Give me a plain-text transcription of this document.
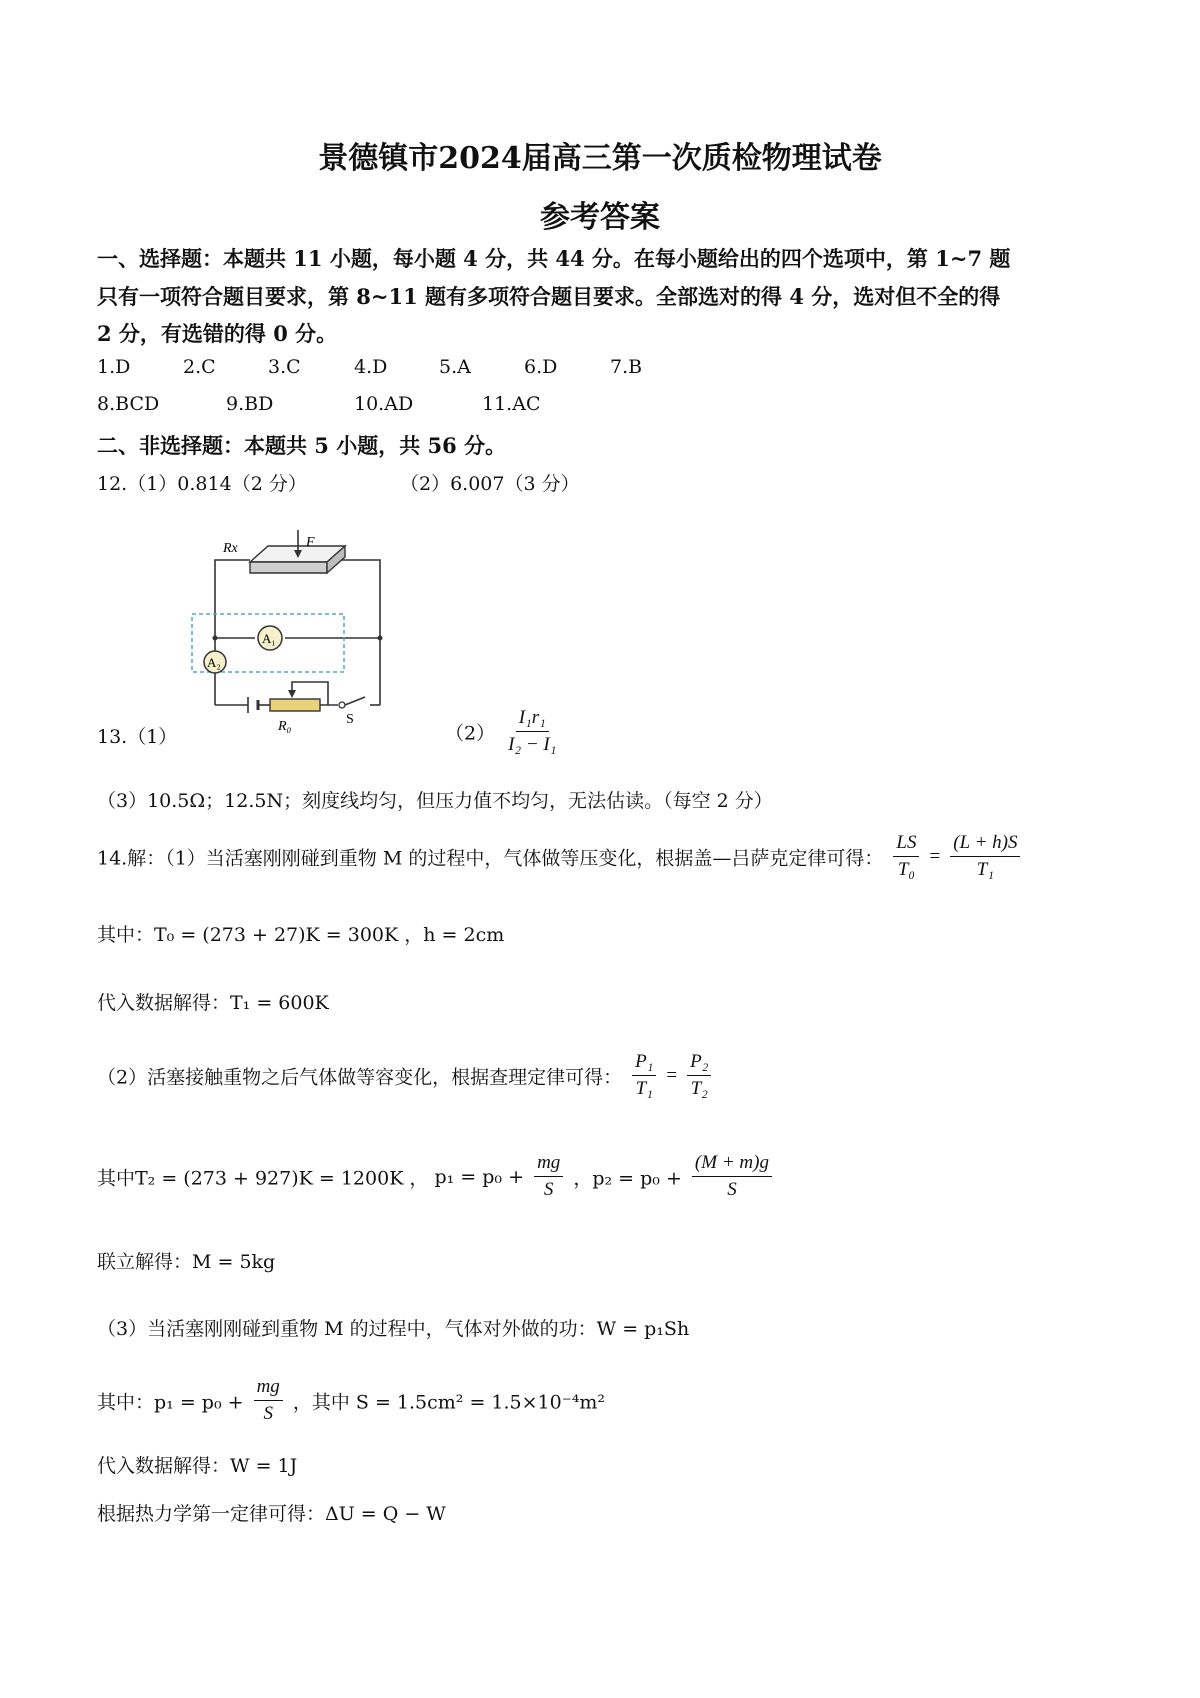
景德镇市2024届高三第一次质检物理试卷
参考答案
一、选择题：本题共 11 小题，每小题 4 分，共 44 分。在每小题给出的四个选项中，第 1~7 题
只有一项符合题目要求，第 8~11 题有多项符合题目要求。全部选对的得 4 分，选对但不全的得
2 分，有选错的得 0 分。
1.D	2.C	3.C	4.D	5.A	6.D	7.B
8.BCD	9.BD	10.AD	11.AC
二、非选择题：本题共 5 小题，共 56 分。
12.（1）0.814（2 分）	（2）6.007（3 分）
Rx	F
A₁
A₂
R₀	S
13.（1）	$(2) \frac{\text{I₁r₁}}{\text{I₂ − I₁}}$
（3）10.5Ω；12.5N；刻度线均匀，但压力值不均匀，无法估读。（每空 2 分）
14.解：（1）当活塞刚刚碰到重物 M 的过程中，气体做等压变化，根据盖—吕萨克定律可得： $\frac{LS}{\text{T₀}} = \frac{(L + h)S}{\text{T₁}}$
其中：T₀ = (273 + 27)K = 300K ，h = 2cm
代入数据解得：T₁ = 600K
（2）活塞接触重物之后气体做等容变化，根据查理定律可得： $\frac{\text{P₁}}{\text{T₁}} = \frac{\text{P₂}}{\text{T₂}}$
其中T₂ = (273 + 927)K = 1200K ， $p_1 = p_0 + \frac{mg}{S}$ ，$p_2 = p_0 + \frac{(M + m)g}{S}$
联立解得：M = 5kg
（3）当活塞刚刚碰到重物 M 的过程中，气体对外做的功：W = p₁Sh
其中：$p_1 = p_0 + \frac{mg}{S}$ ，其中 S = 1.5cm² = 1.5×10⁻⁴m²
代入数据解得：W = 1J
根据热力学第一定律可得：ΔU = Q − W
